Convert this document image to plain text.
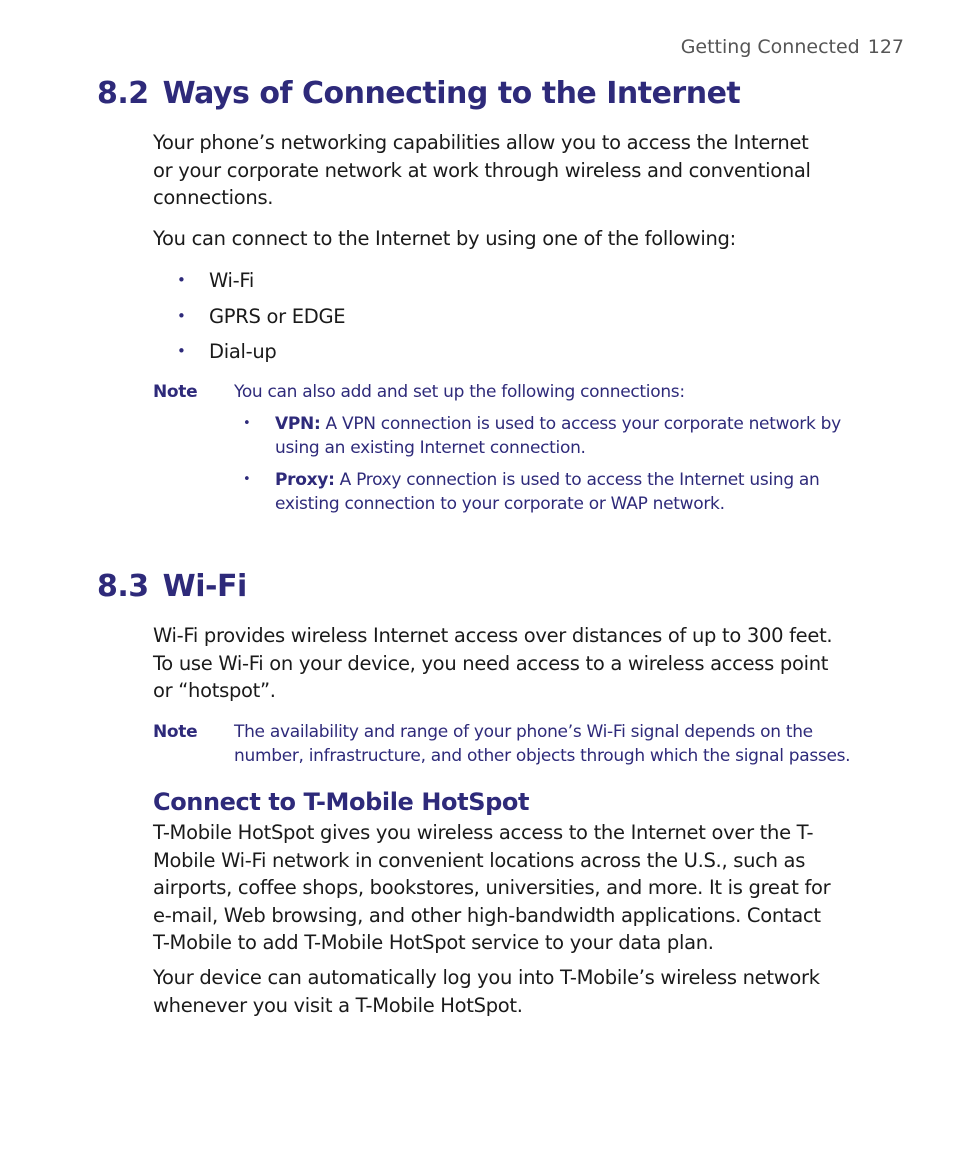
Getting Connected 127
8.2 Ways of Connecting to the Internet

Your phone’s networking capabilities allow you to access the Internet or your corporate network at work through wireless and conventional connections.

You can connect to the Internet by using one of the following:

• Wi-Fi
• GPRS or EDGE
• Dial-up
Note You can also add and set up the following connections:
• VPN: A VPN connection is used to access your corporate network by using an existing Internet connection.
• Proxy: A Proxy connection is used to access the Internet using an existing connection to your corporate or WAP network.
8.3 Wi-Fi

Wi-Fi provides wireless Internet access over distances of up to 300 feet. To use Wi-Fi on your device, you need access to a wireless access point or “hotspot”.

Note The availability and range of your phone’s Wi-Fi signal depends on the number, infrastructure, and other objects through which the signal passes.
Connect to T-Mobile HotSpot

T-Mobile HotSpot gives you wireless access to the Internet over the T-Mobile Wi-Fi network in convenient locations across the U.S., such as airports, coffee shops, bookstores, universities, and more. It is great for e-mail, Web browsing, and other high-bandwidth applications. Contact T-Mobile to add T-Mobile HotSpot service to your data plan.

Your device can automatically log you into T-Mobile’s wireless network whenever you visit a T-Mobile HotSpot.
